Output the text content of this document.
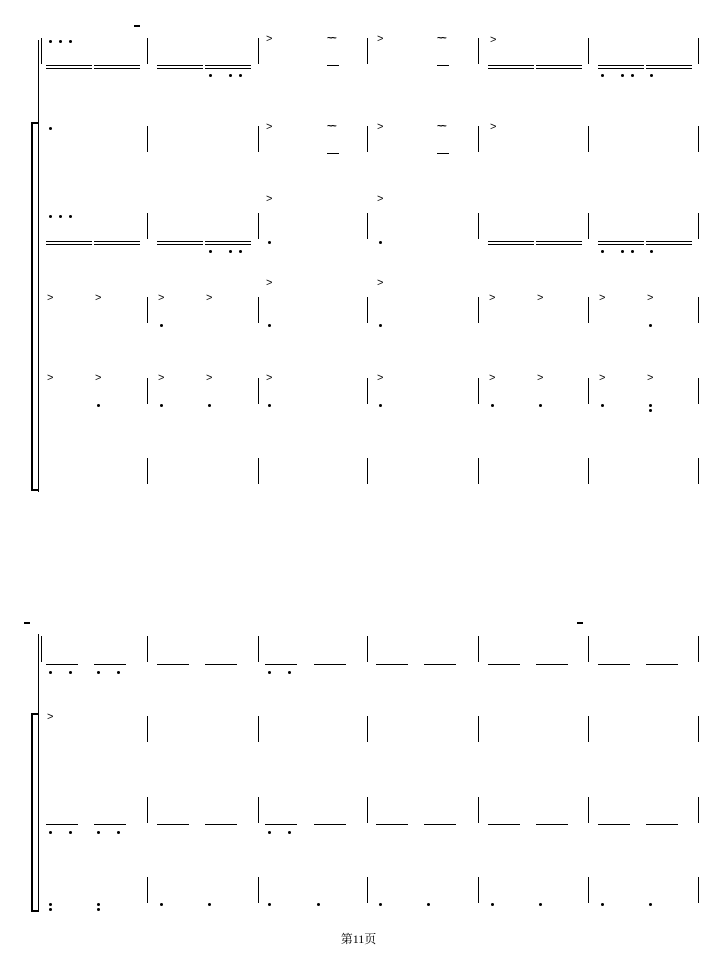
>	>
~~	~~	>
>	>	>
~~	~~
>	>
>	>	>	>	>	>	>	>
>	>
>	>	>	>	>	>	>	>	>	>
>
第11页
